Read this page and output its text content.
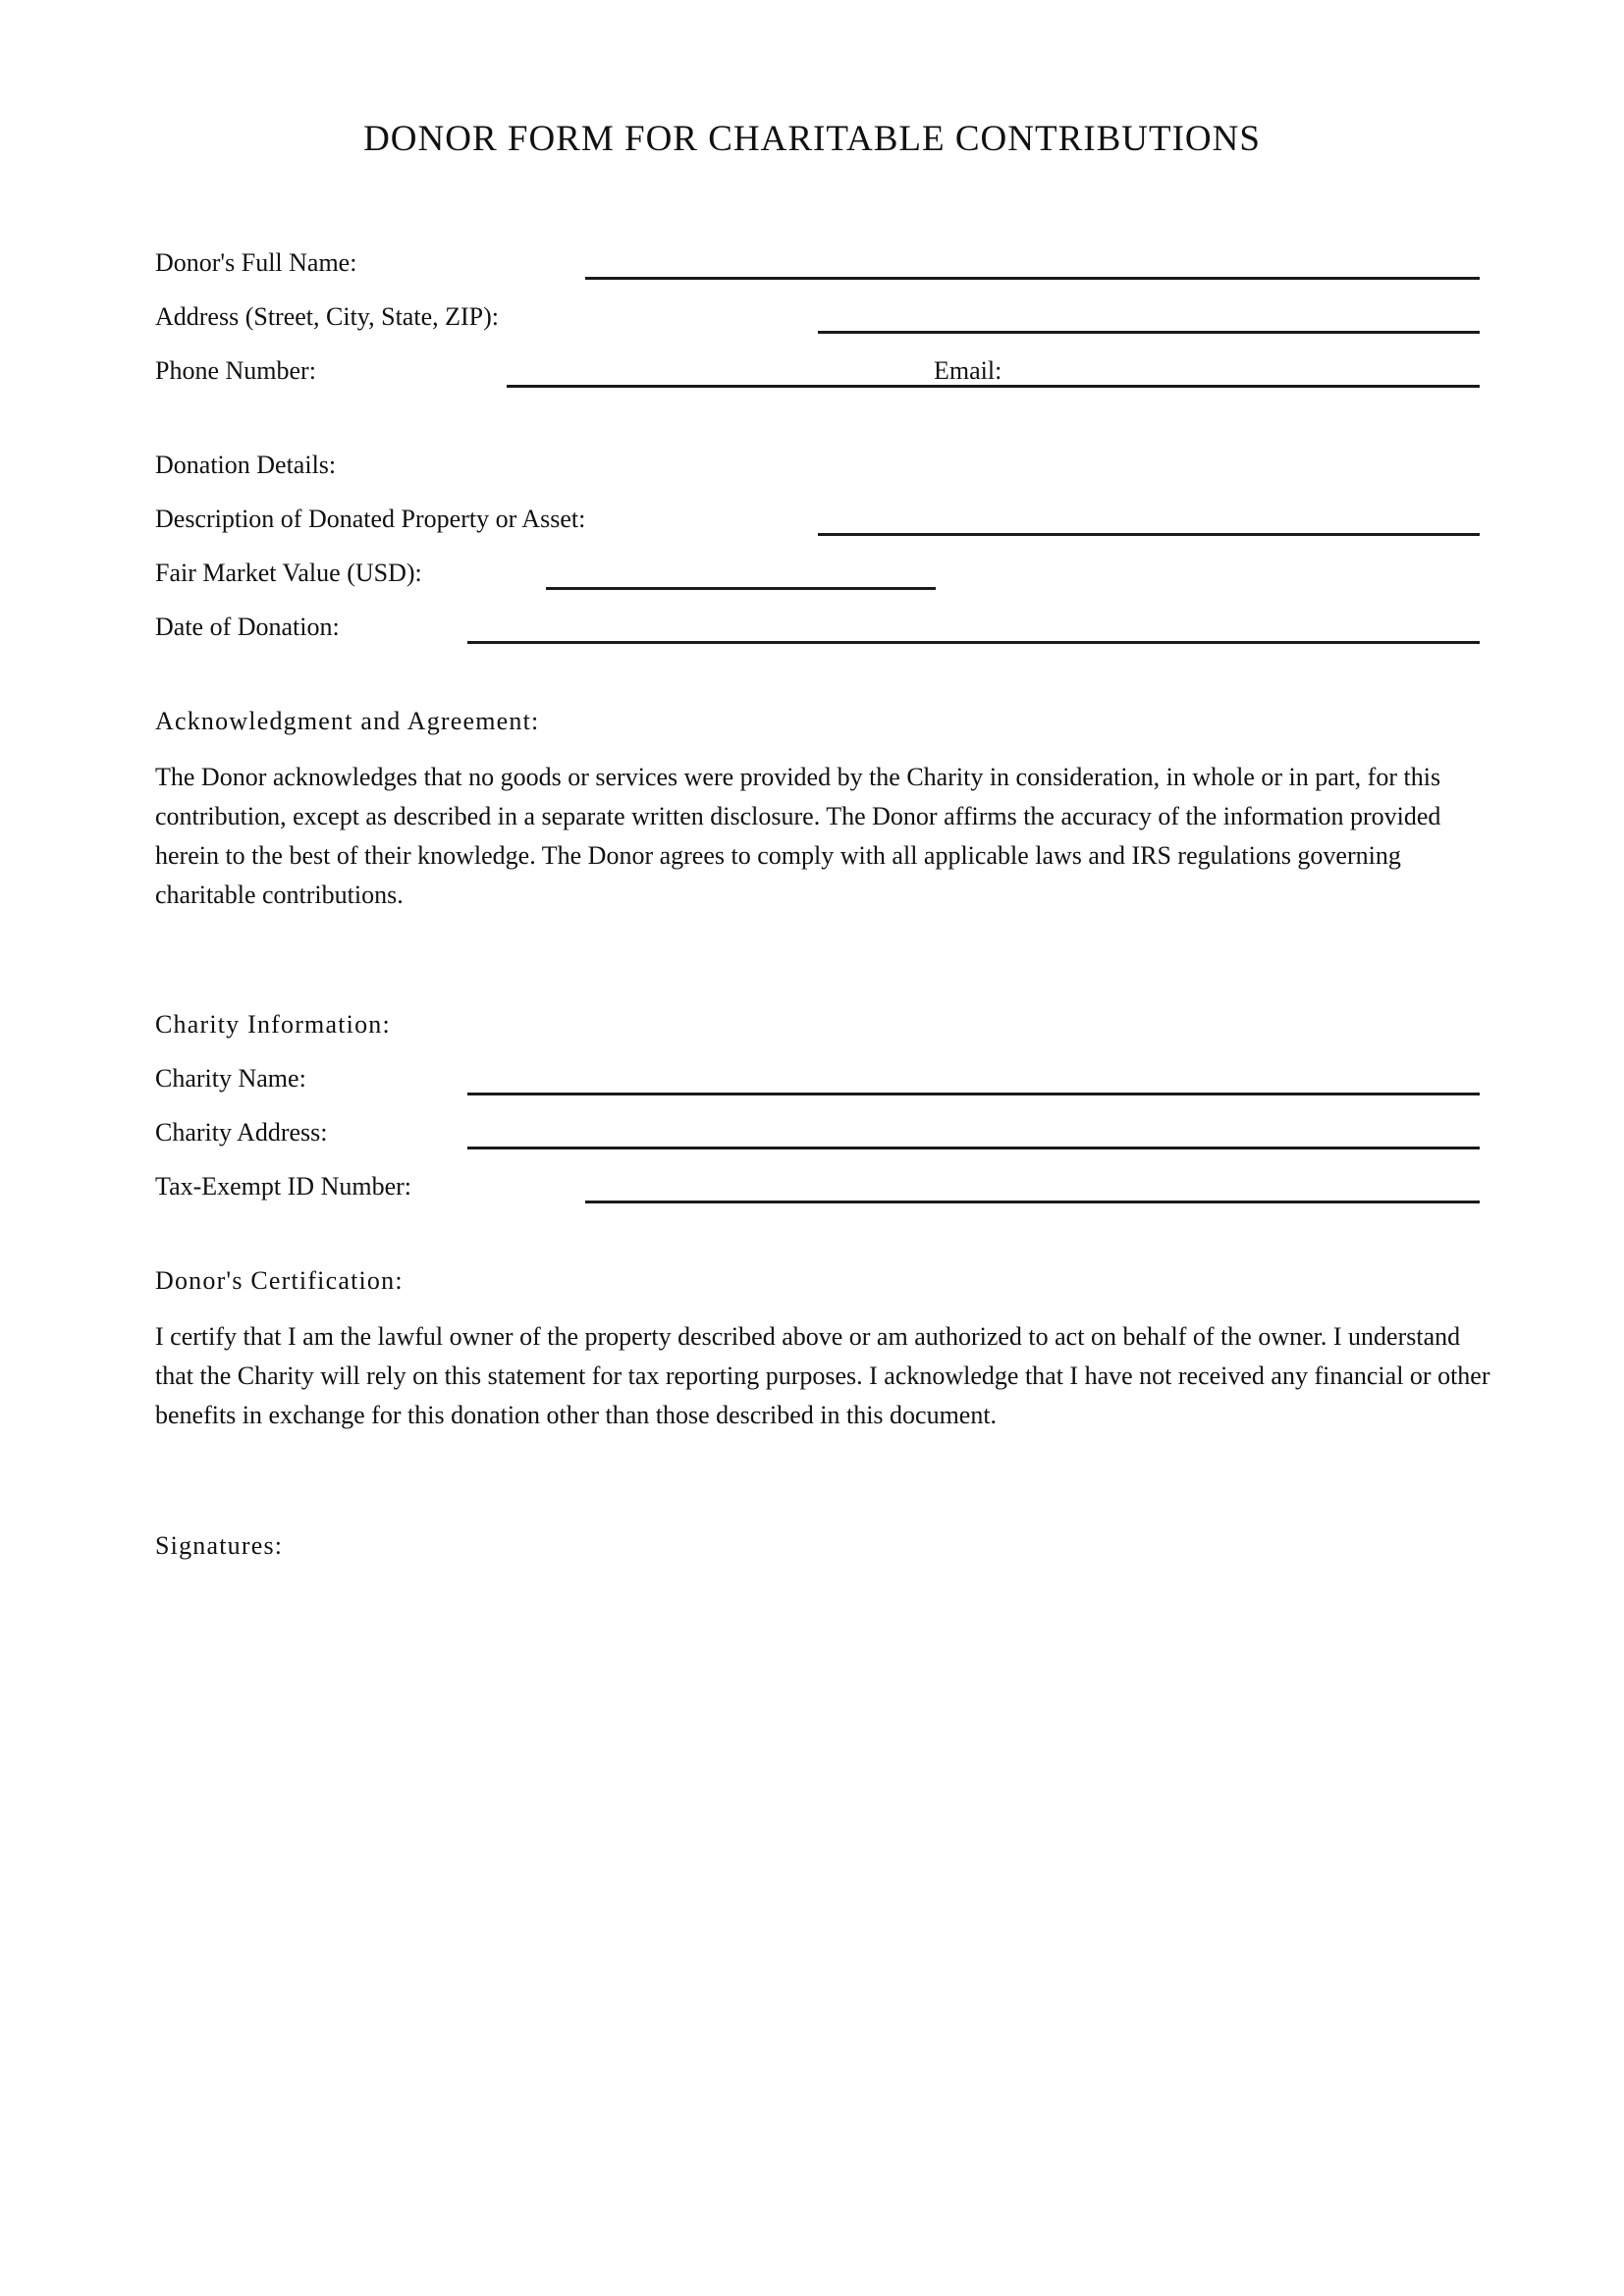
DONOR FORM FOR CHARITABLE CONTRIBUTIONS
Donor's Full Name:
Address (Street, City, State, ZIP):
Phone Number:	Email:
Donation Details:
Description of Donated Property or Asset:
Fair Market Value (USD):
Date of Donation:
Acknowledgment and Agreement:

The Donor acknowledges that no goods or services were provided by the Charity in consideration, in whole or in part, for this contribution, except as described in a separate written disclosure. The Donor affirms the accuracy of the information provided herein to the best of their knowledge. The Donor agrees to comply with all applicable laws and IRS regulations governing charitable contributions.

Charity Information:
Charity Name:
Charity Address:
Tax-Exempt ID Number:
Donor's Certification:

I certify that I am the lawful owner of the property described above or am authorized to act on behalf of the owner. I understand that the Charity will rely on this statement for tax reporting purposes. I acknowledge that I have not received any financial or other benefits in exchange for this donation other than those described in this document.

Signatures:
